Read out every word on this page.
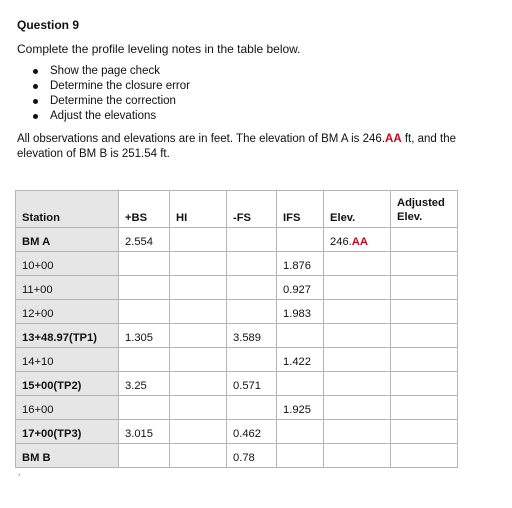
Question 9
Complete the profile leveling notes in the table below.
Show the page check
Determine the closure error
Determine the correction
Adjust the elevations
All observations and elevations are in feet. The elevation of BM A is 246.AA ft, and the elevation of BM B is 251.54 ft.
Station	+BS	HI	-FS	IFS	Elev.	Adjusted
Elev.
BM A	2.554				246.AA	
10+00				1.876		
11+00				0.927		
12+00				1.983		
13+48.97(TP1)	1.305		3.589			
14+10				1.422		
15+00(TP2)	3.25		0.571			
16+00				1.925		
17+00(TP3)	3.015		0.462			
BM B			0.78			
ˋ
